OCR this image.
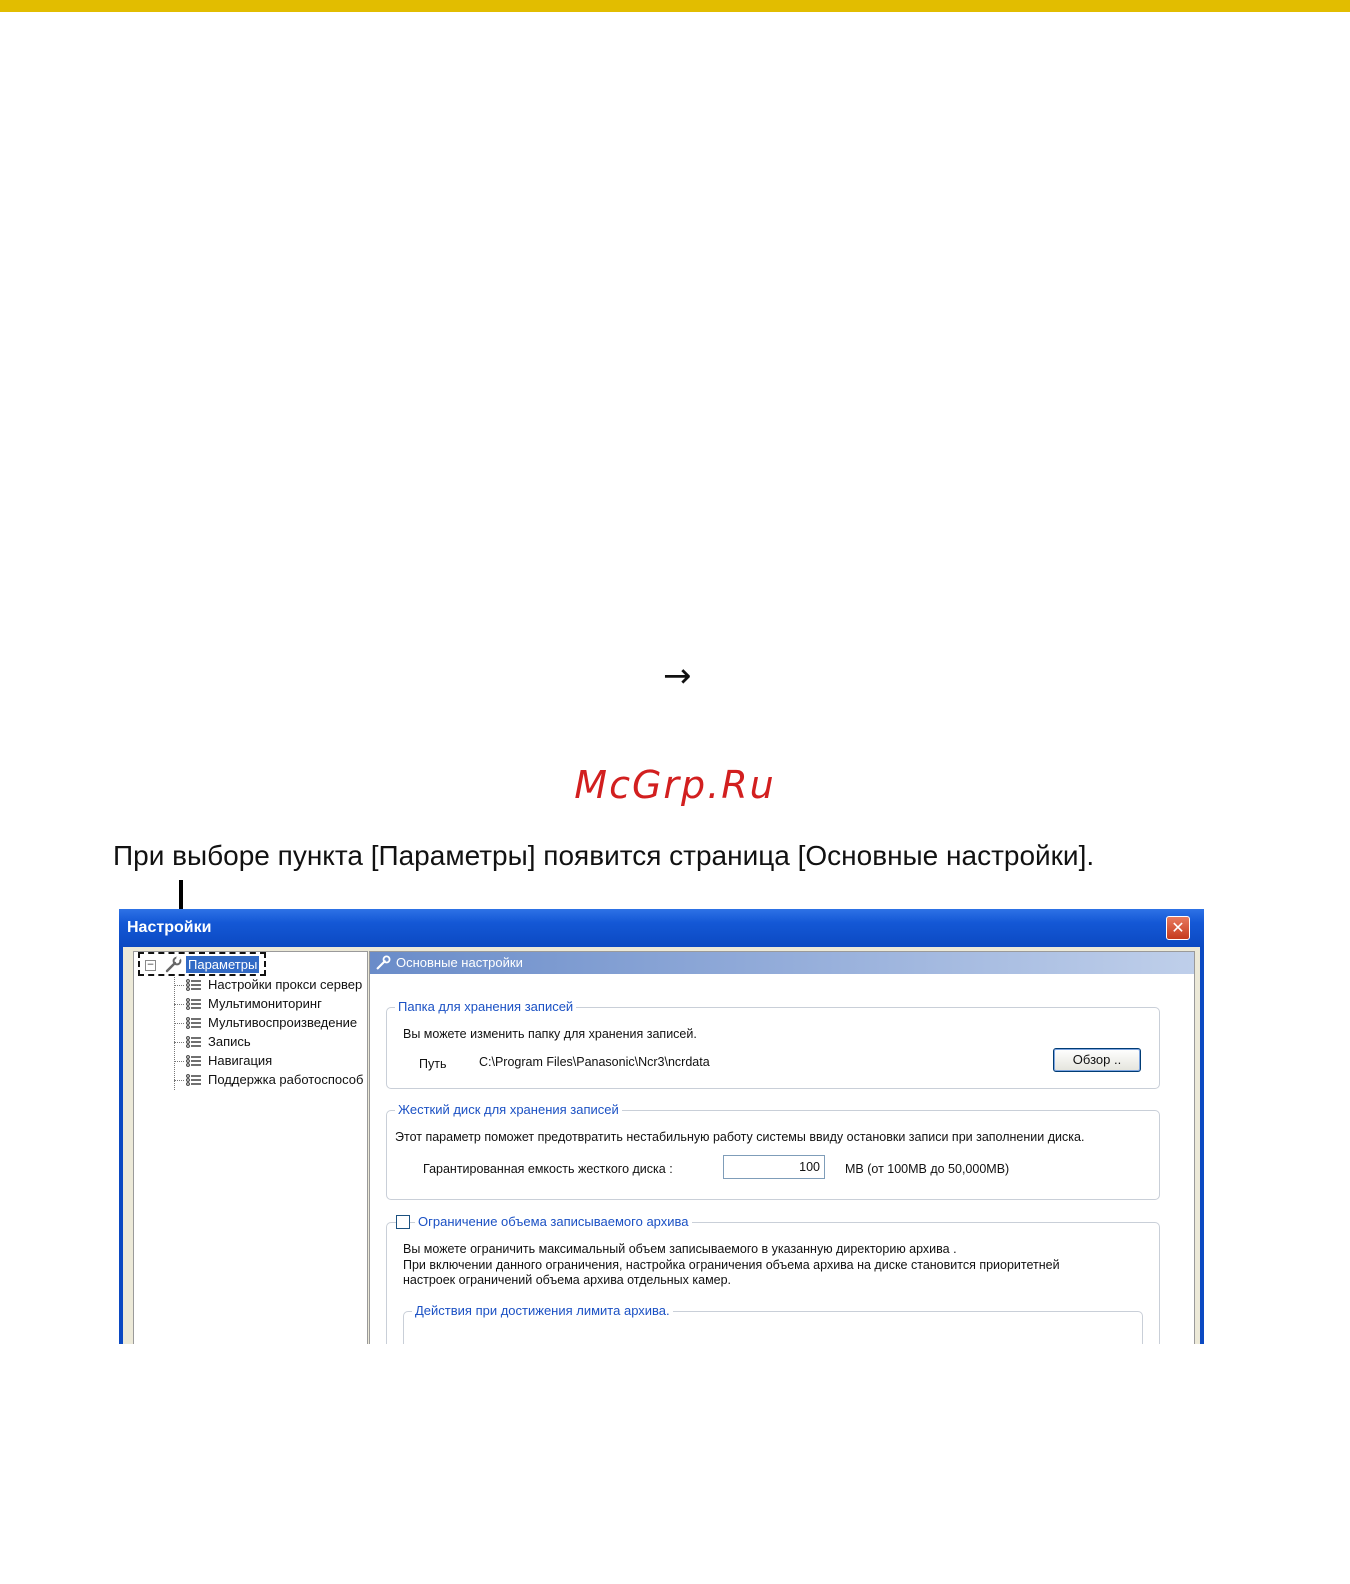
→
McGrp.Ru
При выборе пункта [Параметры] появится страница [Основные настройки].
Настройки	✕
−	Параметры
Настройки прокси сервер
Мультимониторинг
Мультивоспроизведение
Запись
Навигация
Поддержка работоспособ
Основные настройки
Папка для хранения записей
Вы можете изменить папку для хранения записей.
Путь	C:\Program Files\Panasonic\Ncr3\ncrdata	Обзор ..
Жесткий диск для хранения записей
Этот параметр поможет предотвратить нестабильную работу системы ввиду остановки записи при заполнении диска.
Гарантированная емкость жесткого диска :
100	MB (от 100MB до 50,000MB)
Ограничение объема записываемого архива
Вы можете ограничить максимальный объем записываемого в указанную директорию архива .
При включении данного ограничения, настройка ограничения объема архива на диске становится приоритетней
настроек ограничений объема архива отдельных камер.
Действия при достижения лимита архива.
